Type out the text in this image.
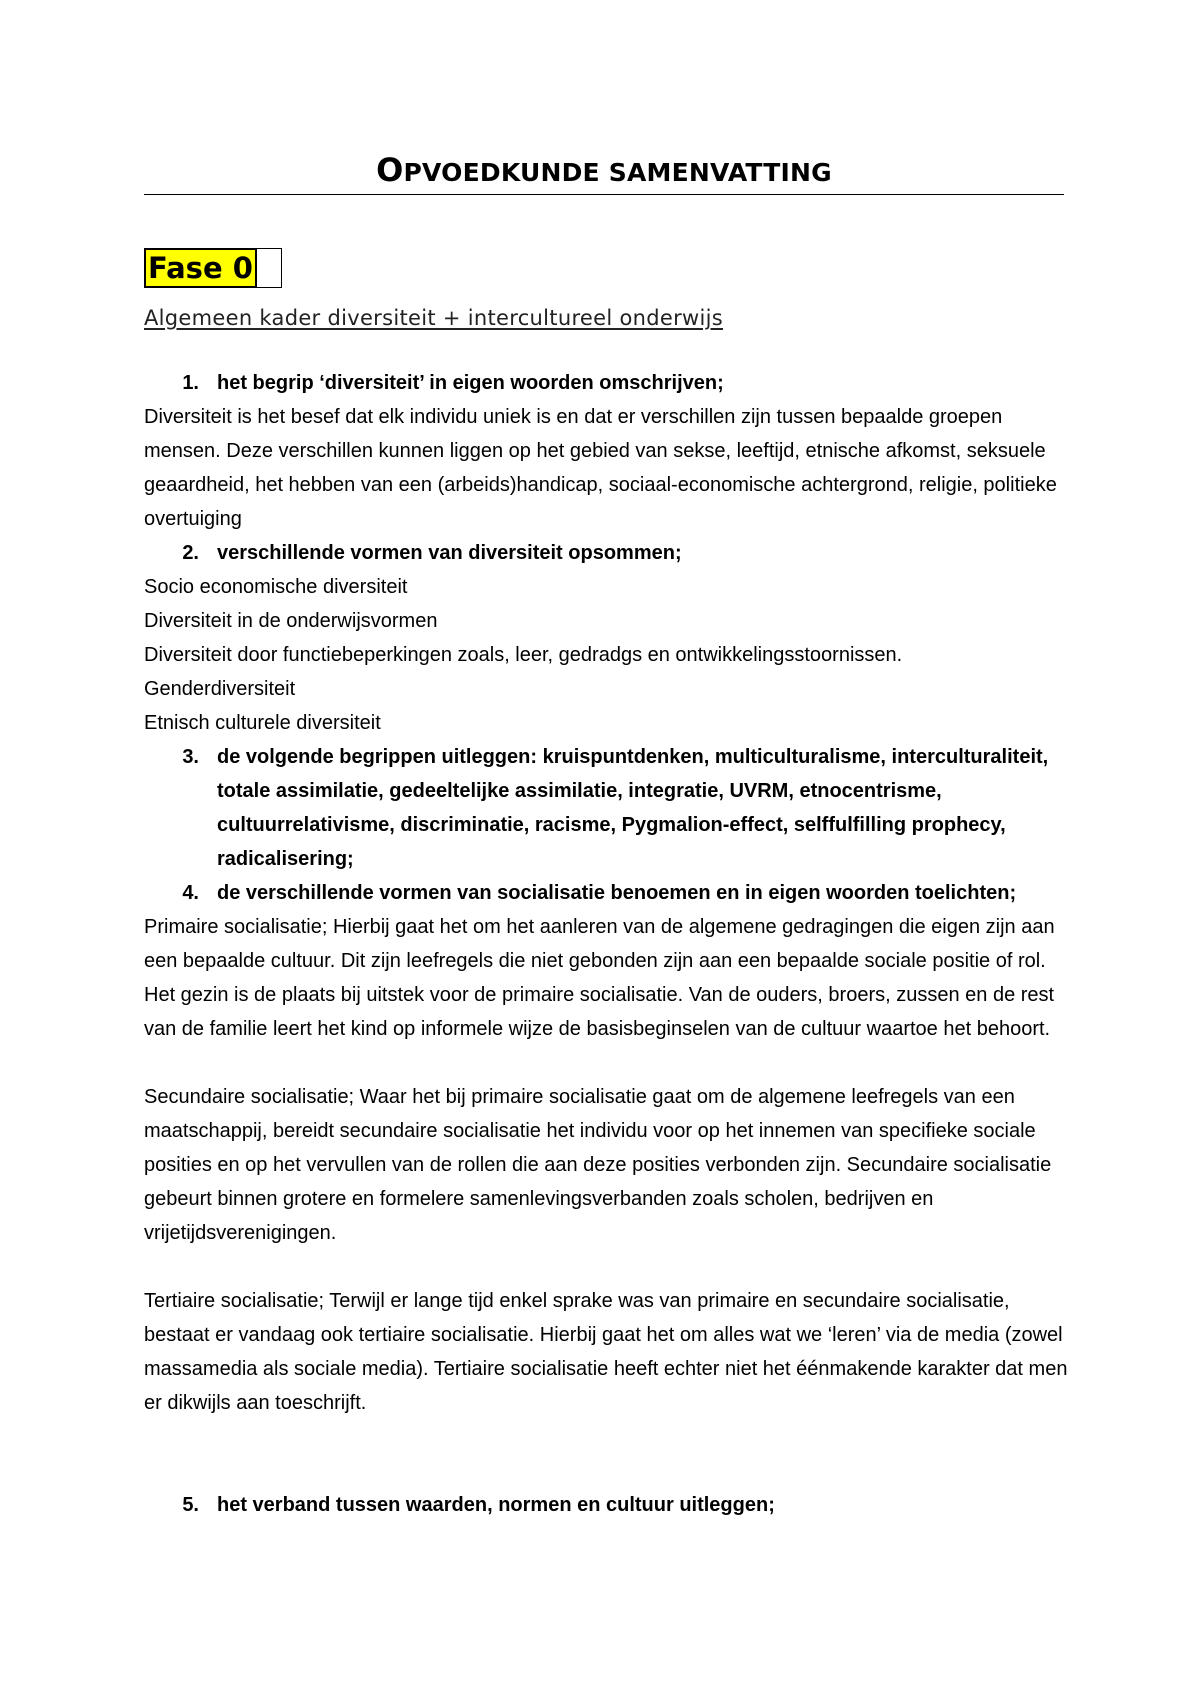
OPVOEDKUNDE SAMENVATTING
Fase 0

Algemeen kader diversiteit + intercultureel onderwijs

1. het begrip ‘diversiteit’ in eigen woorden omschrijven;

Diversiteit is het besef dat elk individu uniek is en dat er verschillen zijn tussen bepaalde groepen mensen. Deze verschillen kunnen liggen op het gebied van sekse, leeftijd, etnische afkomst, seksuele geaardheid, het hebben van een (arbeids)handicap, sociaal-economische achtergrond, religie, politieke overtuiging

2. verschillende vormen van diversiteit opsommen;

Socio economische diversiteit

Diversiteit in de onderwijsvormen

Diversiteit door functiebeperkingen zoals, leer, gedradgs en ontwikkelingsstoornissen.

Genderdiversiteit

Etnisch culturele diversiteit

3. de volgende begrippen uitleggen: kruispuntdenken, multiculturalisme, interculturaliteit, totale assimilatie, gedeeltelijke assimilatie, integratie, UVRM, etnocentrisme, cultuurrelativisme, discriminatie, racisme, Pygmalion-effect, selffulfilling prophecy, radicalisering;
4. de verschillende vormen van socialisatie benoemen en in eigen woorden toelichten;

Primaire socialisatie; Hierbij gaat het om het aanleren van de algemene gedragingen die eigen zijn aan een bepaalde cultuur. Dit zijn leefregels die niet gebonden zijn aan een bepaalde sociale positie of rol. Het gezin is de plaats bij uitstek voor de primaire socialisatie. Van de ouders, broers, zussen en de rest van de familie leert het kind op informele wijze de basisbeginselen van de cultuur waartoe het behoort.

Secundaire socialisatie; Waar het bij primaire socialisatie gaat om de algemene leefregels van een maatschappij, bereidt secundaire socialisatie het individu voor op het innemen van specifieke sociale posities en op het vervullen van de rollen die aan deze posities verbonden zijn. Secundaire socialisatie gebeurt binnen grotere en formelere samenlevingsverbanden zoals scholen, bedrijven en vrijetijdsverenigingen.

Tertiaire socialisatie; Terwijl er lange tijd enkel sprake was van primaire en secundaire socialisatie, bestaat er vandaag ook tertiaire socialisatie. Hierbij gaat het om alles wat we ‘leren’ via de media (zowel massamedia als sociale media). Tertiaire socialisatie heeft echter niet het éénmakende karakter dat men er dikwijls aan toeschrijft.

5. het verband tussen waarden, normen en cultuur uitleggen;
